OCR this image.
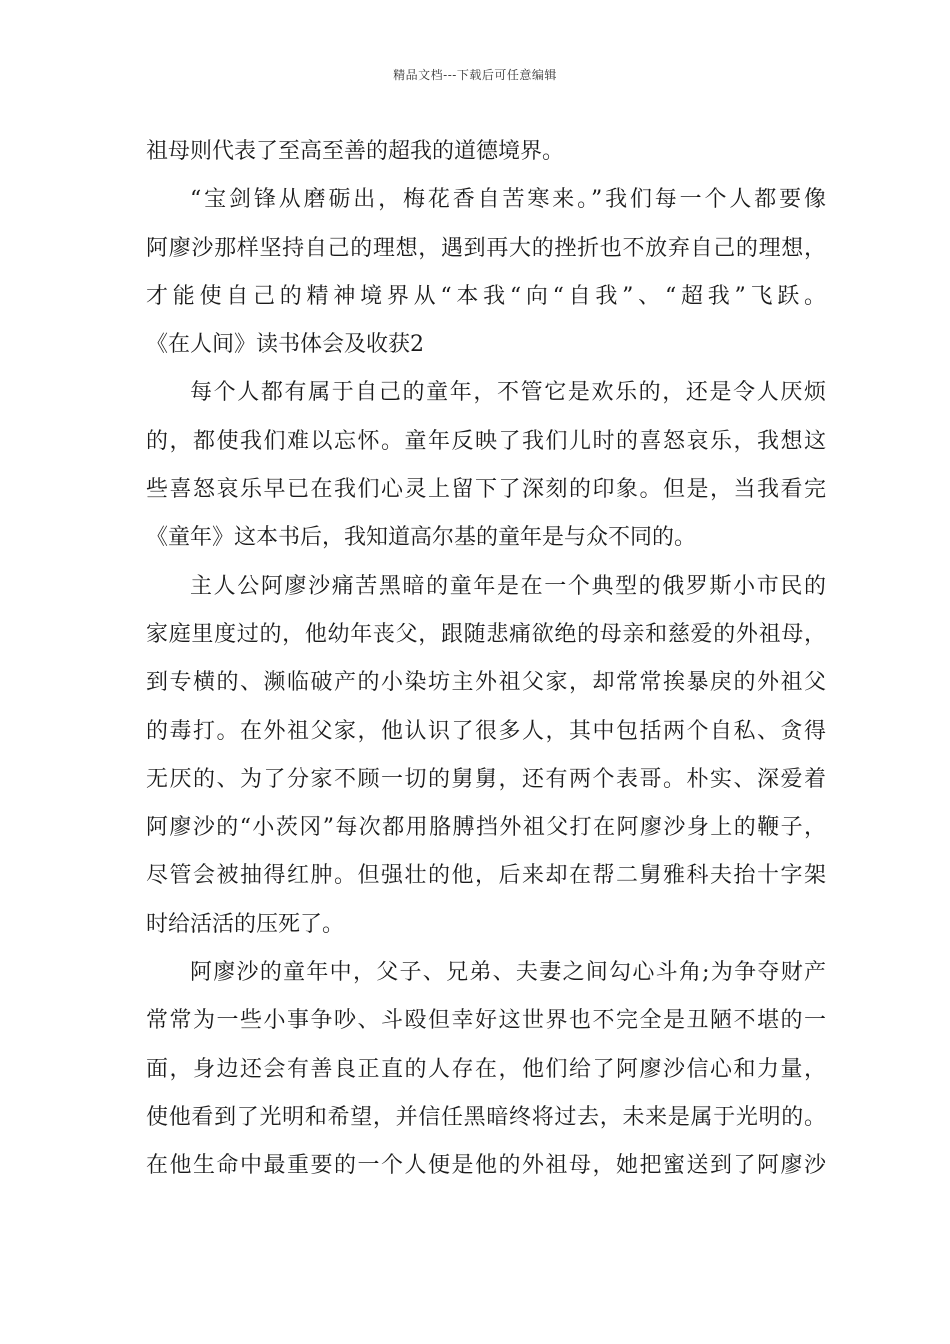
精品文档---下载后可任意编辑
祖母则代表了至高至善的超我的道德境界。
“宝剑锋从磨砺出，梅花香自苦寒来。”我们每一个人都要像
阿廖沙那样坚持自己的理想，遇到再大的挫折也不放弃自己的理想，
才能使自己的精神境界从“本我“向“自我”、“超我”飞跃。
《在人间》读书体会及收获2
每个人都有属于自己的童年，不管它是欢乐的，还是令人厌烦
的，都使我们难以忘怀。童年反映了我们儿时的喜怒哀乐，我想这
些喜怒哀乐早已在我们心灵上留下了深刻的印象。但是，当我看完
《童年》这本书后，我知道高尔基的童年是与众不同的。
主人公阿廖沙痛苦黑暗的童年是在一个典型的俄罗斯小市民的
家庭里度过的，他幼年丧父，跟随悲痛欲绝的母亲和慈爱的外祖母，
到专横的、濒临破产的小染坊主外祖父家，却常常挨暴戾的外祖父
的毒打。在外祖父家，他认识了很多人，其中包括两个自私、贪得
无厌的、为了分家不顾一切的舅舅，还有两个表哥。朴实、深爱着
阿廖沙的“小茨冈”每次都用胳膊挡外祖父打在阿廖沙身上的鞭子，
尽管会被抽得红肿。但强壮的他，后来却在帮二舅雅科夫抬十字架
时给活活的压死了。
阿廖沙的童年中，父子、兄弟、夫妻之间勾心斗角;为争夺财产
常常为一些小事争吵、斗殴但幸好这世界也不完全是丑陋不堪的一
面，身边还会有善良正直的人存在，他们给了阿廖沙信心和力量，
使他看到了光明和希望，并信任黑暗终将过去，未来是属于光明的。
在他生命中最重要的一个人便是他的外祖母，她把蜜送到了阿廖沙
